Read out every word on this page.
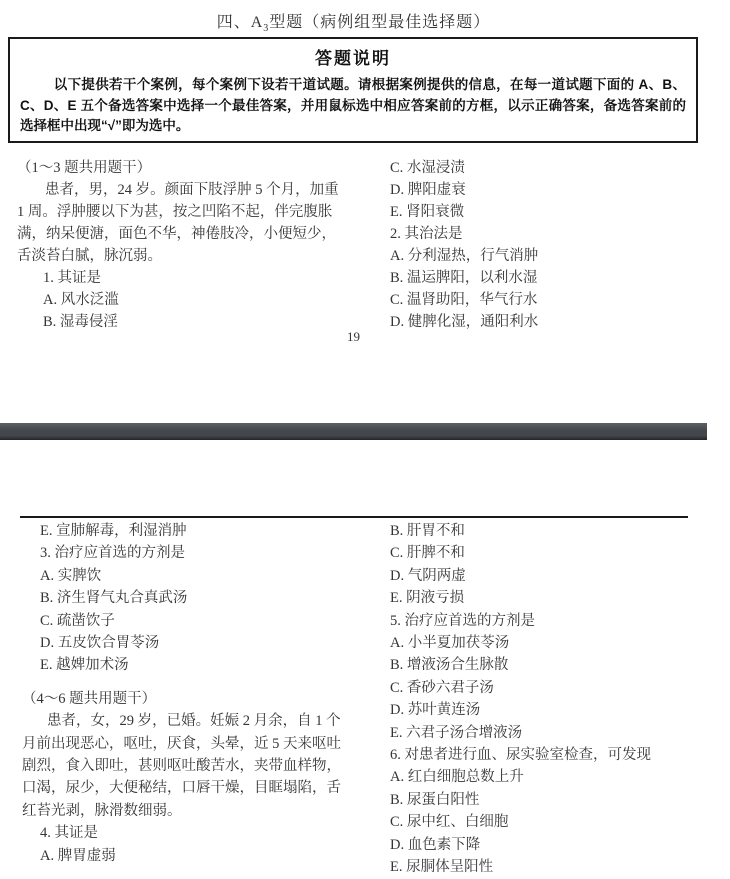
四、$A_3$型题（病例组型最佳选择题）
答题说明
以下提供若干个案例，每个案例下设若干道试题。请根据案例提供的信息，在每一道试题下面的 A、B、C、D、E 五个备选答案中选择一个最佳答案，并用鼠标选中相应答案前的方框，以示正确答案，备选答案前的选择框中出现“√”即为选中。
（1～3 题共用题干）
患者，男，24 岁。颜面下肢浮肿 5 个月，加重
1 周。浮肿腰以下为甚，按之凹陷不起，伴完腹胀
满，纳呆便溏，面色不华，神倦肢冷，小便短少，
舌淡苔白腻，脉沉弱。
1. 其证是
A. 风水泛滥
B. 湿毒侵淫
C. 水湿浸渍
D. 脾阳虚衰
E. 肾阳衰微
2. 其治法是
A. 分利湿热，行气消肿
B. 温运脾阳，以利水湿
C. 温肾助阳，华气行水
D. 健脾化湿，通阳利水
19
E. 宣肺解毒，利湿消肿
3. 治疗应首选的方剂是
A. 实脾饮
B. 济生肾气丸合真武汤
C. 疏凿饮子
D. 五皮饮合胃苓汤
E. 越婢加术汤
（4～6 题共用题干）
患者，女，29 岁，已婚。妊娠 2 月余，自 1 个
月前出现恶心，呕吐，厌食，头晕，近 5 天来呕吐
剧烈，食入即吐，甚则呕吐酸苦水，夹带血样物，
口渴，尿少，大便秘结，口唇干燥，目眶塌陷，舌
红苔光剥，脉滑数细弱。
4. 其证是
A. 脾胃虚弱
B. 肝胃不和
C. 肝脾不和
D. 气阴两虚
E. 阴液亏损
5. 治疗应首选的方剂是
A. 小半夏加茯苓汤
B. 增液汤合生脉散
C. 香砂六君子汤
D. 苏叶黄连汤
E. 六君子汤合增液汤
6. 对患者进行血、尿实验室检查，可发现
A. 红白细胞总数上升
B. 尿蛋白阳性
C. 尿中红、白细胞
D. 血色素下降
E. 尿胴体呈阳性
